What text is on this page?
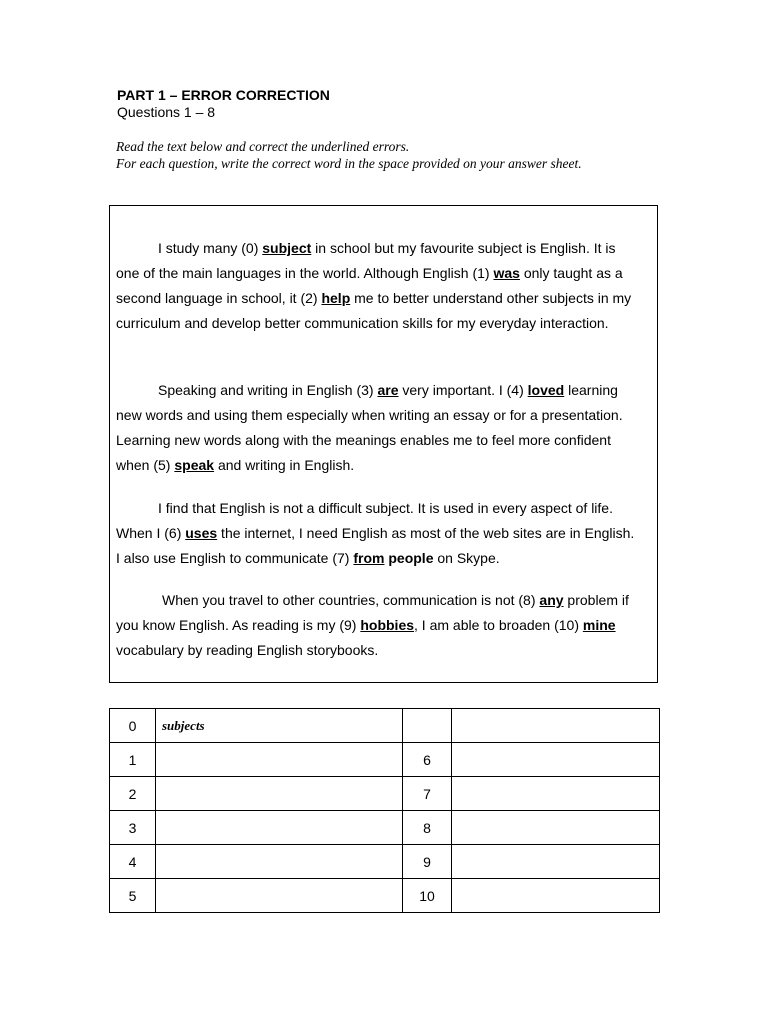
PART 1 – ERROR CORRECTION
Questions 1 – 8
Read the text below and correct the underlined errors.
For each question, write the correct word in the space provided on your answer sheet.

I study many (0) subject in school but my favourite subject is English. It is one of the main languages in the world. Although English (1) was only taught as a second language in school, it (2) help me to better understand other subjects in my curriculum and develop better communication skills for my everyday interaction.

Speaking and writing in English (3) are very important. I (4) loved learning new words and using them especially when writing an essay or for a presentation. Learning new words along with the meanings enables me to feel more confident when (5) speak and writing in English.

I find that English is not a difficult subject. It is used in every aspect of life. When I (6) uses the internet, I need English as most of the web sites are in English. I also use English to communicate (7) from people on Skype.

When you travel to other countries, communication is not (8) any problem if you know English. As reading is my (9) hobbies, I am able to broaden (10) mine vocabulary by reading English storybooks.

0	subjects		
1		6	
2		7	
3		8	
4		9	
5		10	
